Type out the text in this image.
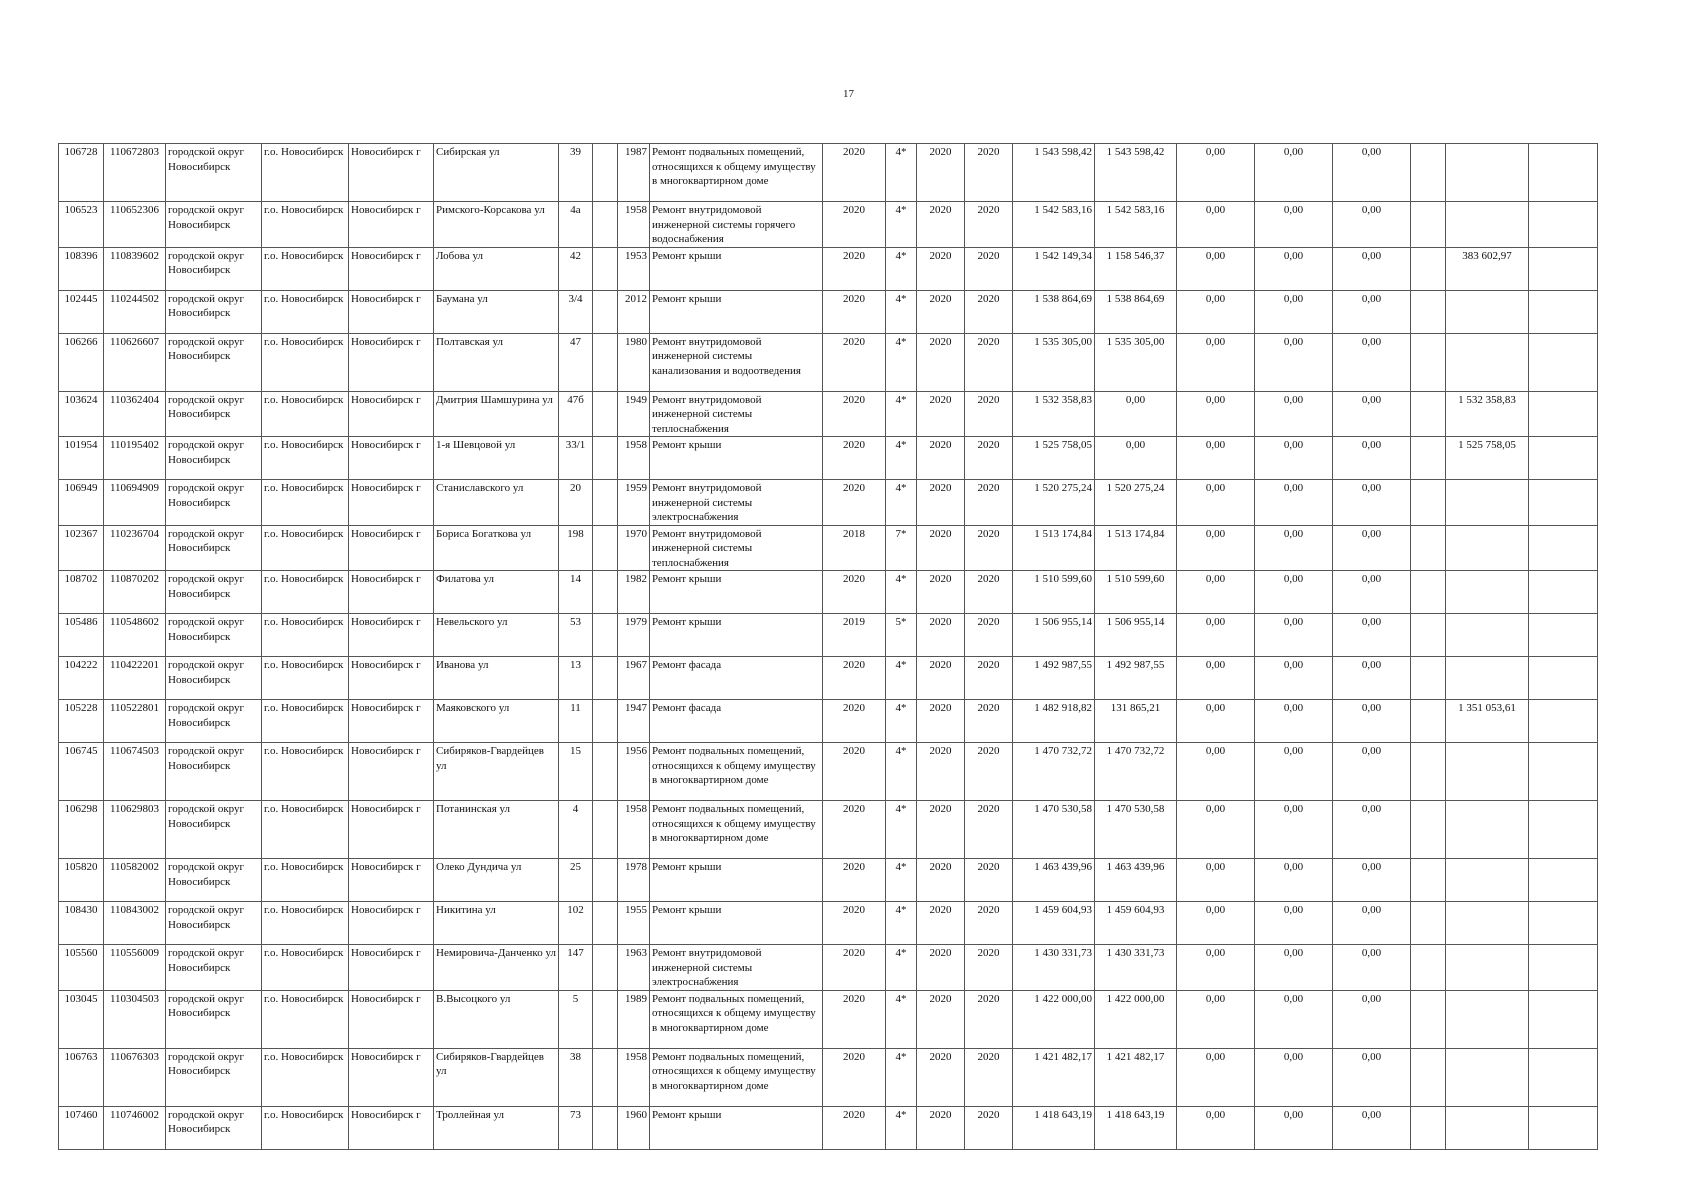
17
106728	110672803	городской округ Новосибирск	г.о. Новосибирск	Новосибирск г	Сибирская ул	39		1987	Ремонт подвальных помещений, относящихся к общему имуществу в многоквартирном доме	2020	4*	2020	2020	1 543 598,42	1 543 598,42	0,00	0,00	0,00			
106523	110652306	городской округ Новосибирск	г.о. Новосибирск	Новосибирск г	Римского-Корсакова ул	4а		1958	Ремонт внутридомовой инженерной системы горячего водоснабжения	2020	4*	2020	2020	1 542 583,16	1 542 583,16	0,00	0,00	0,00			
108396	110839602	городской округ Новосибирск	г.о. Новосибирск	Новосибирск г	Лобова ул	42		1953	Ремонт крыши	2020	4*	2020	2020	1 542 149,34	1 158 546,37	0,00	0,00	0,00		383 602,97	
102445	110244502	городской округ Новосибирск	г.о. Новосибирск	Новосибирск г	Баумана ул	3/4		2012	Ремонт крыши	2020	4*	2020	2020	1 538 864,69	1 538 864,69	0,00	0,00	0,00			
106266	110626607	городской округ Новосибирск	г.о. Новосибирск	Новосибирск г	Полтавская ул	47		1980	Ремонт внутридомовой инженерной системы канализования и водоотведения	2020	4*	2020	2020	1 535 305,00	1 535 305,00	0,00	0,00	0,00			
103624	110362404	городской округ Новосибирск	г.о. Новосибирск	Новосибирск г	Дмитрия Шамшурина ул	47б		1949	Ремонт внутридомовой инженерной системы теплоснабжения	2020	4*	2020	2020	1 532 358,83	0,00	0,00	0,00	0,00		1 532 358,83	
101954	110195402	городской округ Новосибирск	г.о. Новосибирск	Новосибирск г	1-я Шевцовой ул	33/1		1958	Ремонт крыши	2020	4*	2020	2020	1 525 758,05	0,00	0,00	0,00	0,00		1 525 758,05	
106949	110694909	городской округ Новосибирск	г.о. Новосибирск	Новосибирск г	Станиславского ул	20		1959	Ремонт внутридомовой инженерной системы электроснабжения	2020	4*	2020	2020	1 520 275,24	1 520 275,24	0,00	0,00	0,00			
102367	110236704	городской округ Новосибирск	г.о. Новосибирск	Новосибирск г	Бориса Богаткова ул	198		1970	Ремонт внутридомовой инженерной системы теплоснабжения	2018	7*	2020	2020	1 513 174,84	1 513 174,84	0,00	0,00	0,00			
108702	110870202	городской округ Новосибирск	г.о. Новосибирск	Новосибирск г	Филатова ул	14		1982	Ремонт крыши	2020	4*	2020	2020	1 510 599,60	1 510 599,60	0,00	0,00	0,00			
105486	110548602	городской округ Новосибирск	г.о. Новосибирск	Новосибирск г	Невельского ул	53		1979	Ремонт крыши	2019	5*	2020	2020	1 506 955,14	1 506 955,14	0,00	0,00	0,00			
104222	110422201	городской округ Новосибирск	г.о. Новосибирск	Новосибирск г	Иванова ул	13		1967	Ремонт фасада	2020	4*	2020	2020	1 492 987,55	1 492 987,55	0,00	0,00	0,00			
105228	110522801	городской округ Новосибирск	г.о. Новосибирск	Новосибирск г	Маяковского ул	11		1947	Ремонт фасада	2020	4*	2020	2020	1 482 918,82	131 865,21	0,00	0,00	0,00		1 351 053,61	
106745	110674503	городской округ Новосибирск	г.о. Новосибирск	Новосибирск г	Сибиряков-Гвардейцев ул	15		1956	Ремонт подвальных помещений, относящихся к общему имуществу в многоквартирном доме	2020	4*	2020	2020	1 470 732,72	1 470 732,72	0,00	0,00	0,00			
106298	110629803	городской округ Новосибирск	г.о. Новосибирск	Новосибирск г	Потанинская ул	4		1958	Ремонт подвальных помещений, относящихся к общему имуществу в многоквартирном доме	2020	4*	2020	2020	1 470 530,58	1 470 530,58	0,00	0,00	0,00			
105820	110582002	городской округ Новосибирск	г.о. Новосибирск	Новосибирск г	Олеко Дундича ул	25		1978	Ремонт крыши	2020	4*	2020	2020	1 463 439,96	1 463 439,96	0,00	0,00	0,00			
108430	110843002	городской округ Новосибирск	г.о. Новосибирск	Новосибирск г	Никитина ул	102		1955	Ремонт крыши	2020	4*	2020	2020	1 459 604,93	1 459 604,93	0,00	0,00	0,00			
105560	110556009	городской округ Новосибирск	г.о. Новосибирск	Новосибирск г	Немировича-Данченко ул	147		1963	Ремонт внутридомовой инженерной системы электроснабжения	2020	4*	2020	2020	1 430 331,73	1 430 331,73	0,00	0,00	0,00			
103045	110304503	городской округ Новосибирск	г.о. Новосибирск	Новосибирск г	В.Высоцкого ул	5		1989	Ремонт подвальных помещений, относящихся к общему имуществу в многоквартирном доме	2020	4*	2020	2020	1 422 000,00	1 422 000,00	0,00	0,00	0,00			
106763	110676303	городской округ Новосибирск	г.о. Новосибирск	Новосибирск г	Сибиряков-Гвардейцев ул	38		1958	Ремонт подвальных помещений, относящихся к общему имуществу в многоквартирном доме	2020	4*	2020	2020	1 421 482,17	1 421 482,17	0,00	0,00	0,00			
107460	110746002	городской округ Новосибирск	г.о. Новосибирск	Новосибирск г	Троллейная ул	73		1960	Ремонт крыши	2020	4*	2020	2020	1 418 643,19	1 418 643,19	0,00	0,00	0,00			
